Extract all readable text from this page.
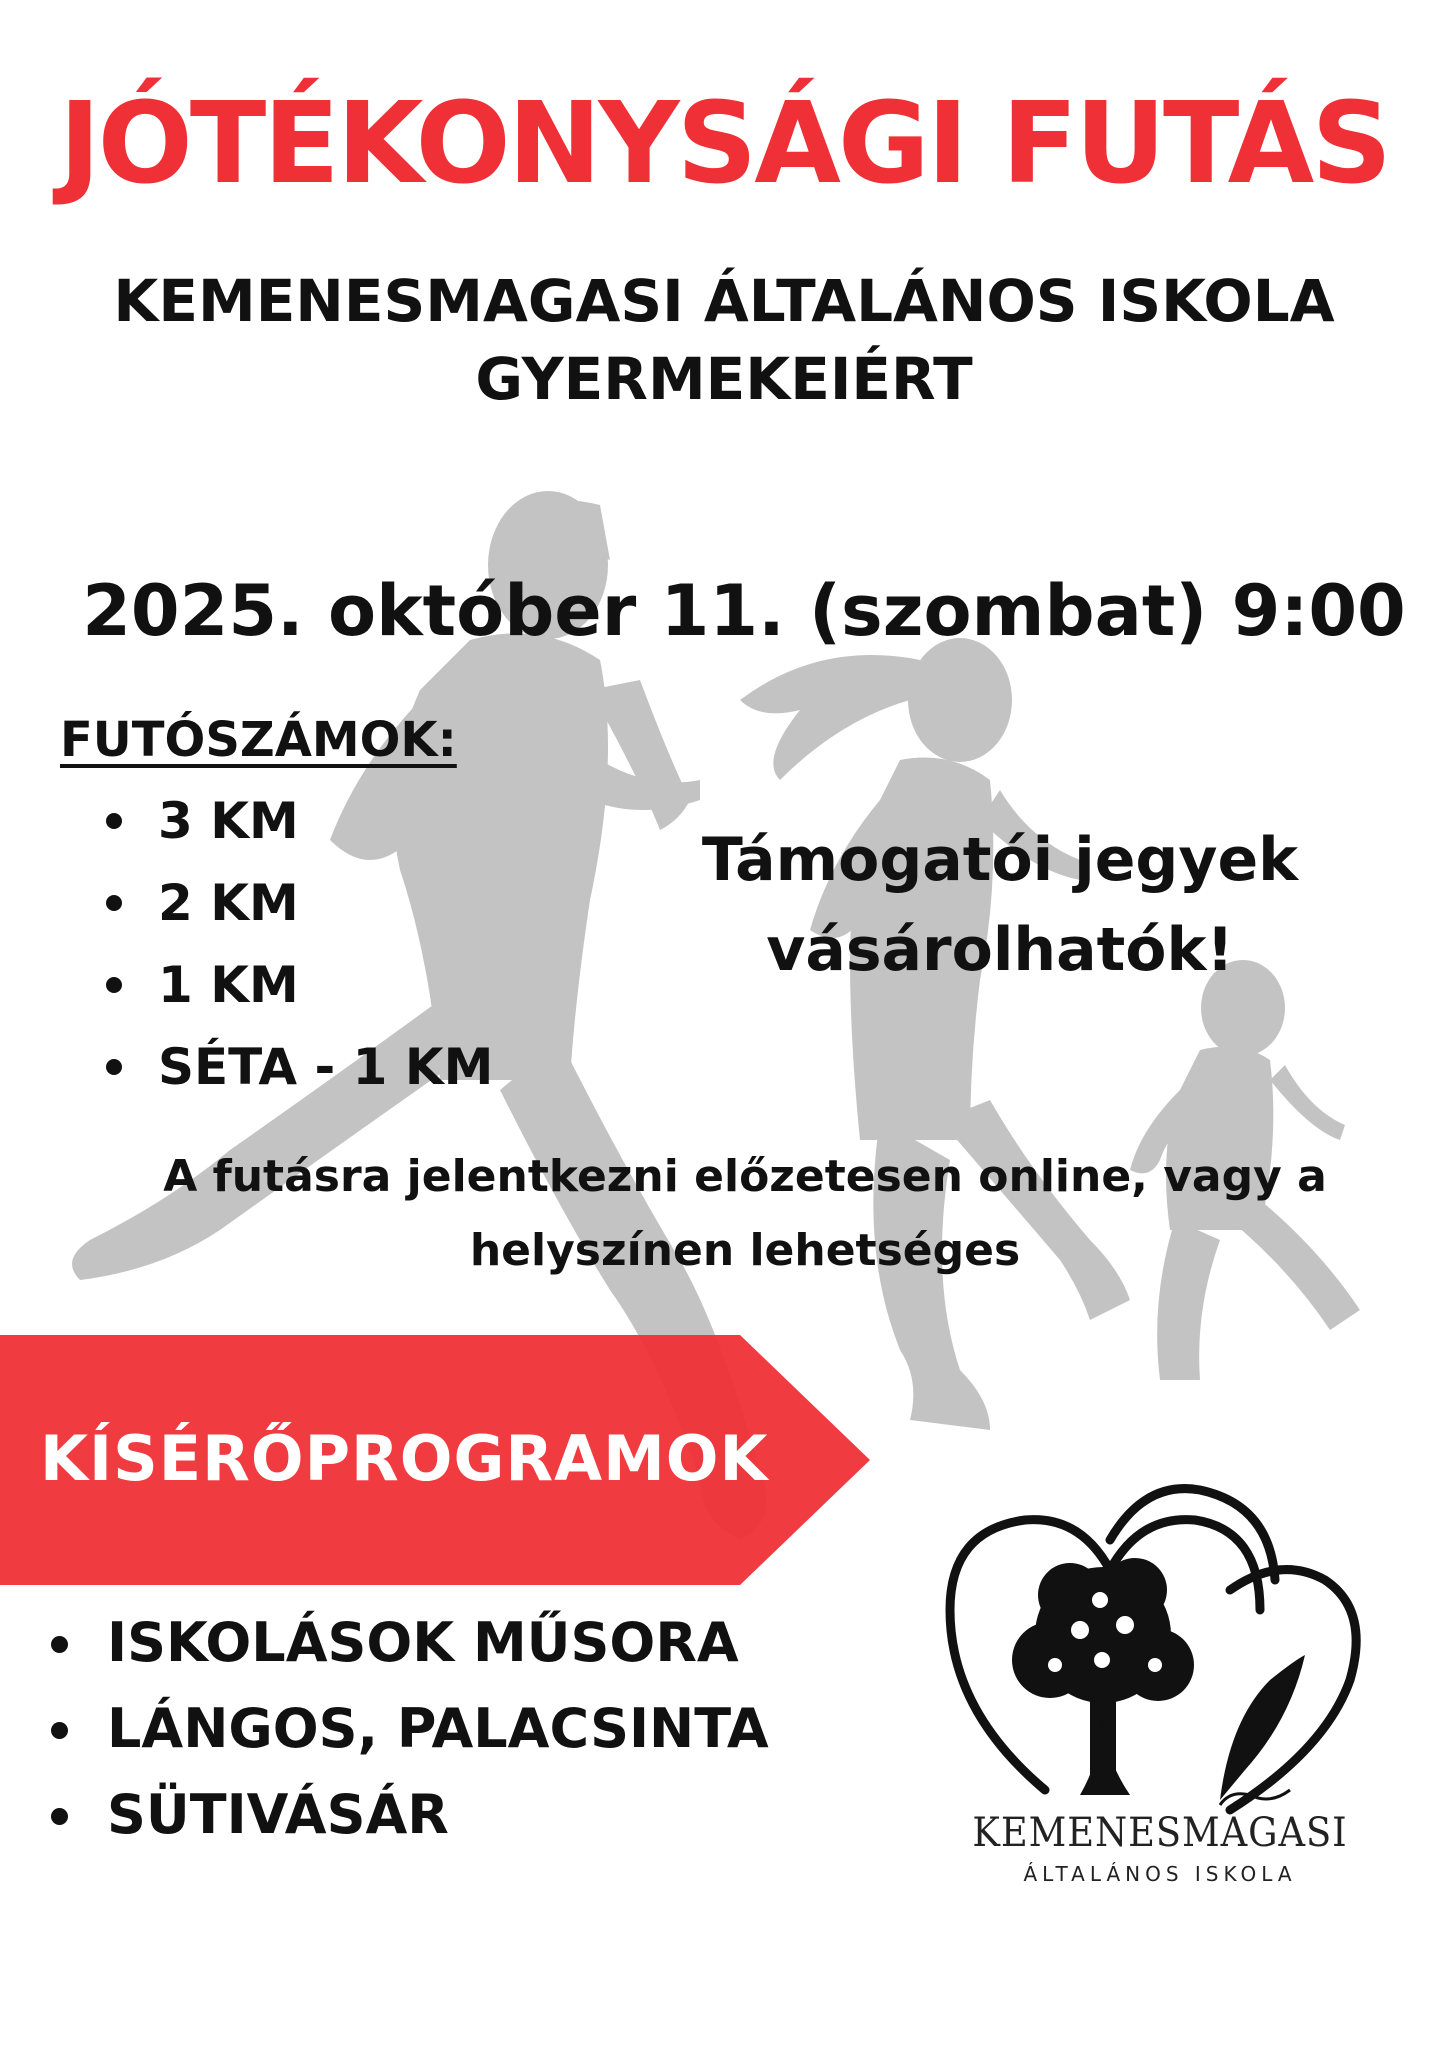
JÓTÉKONYSÁGI FUTÁS
KEMENESMAGASI ÁLTALÁNOS ISKOLA
GYERMEKEIÉRT
2025. október 11. (szombat) 9:00
FUTÓSZÁMOK:
3 KM
2 KM
1 KM
SÉTA - 1 KM
Támogatói jegyek
vásárolhatók!
A futásra jelentkezni előzetesen online, vagy a
helyszínen lehetséges
KÍSÉRŐPROGRAMOK
ISKOLÁSOK MŰSORA
LÁNGOS, PALACSINTA
SÜTIVÁSÁR	KEMENESMAGASI
ÁLTALÁNOS ISKOLA
